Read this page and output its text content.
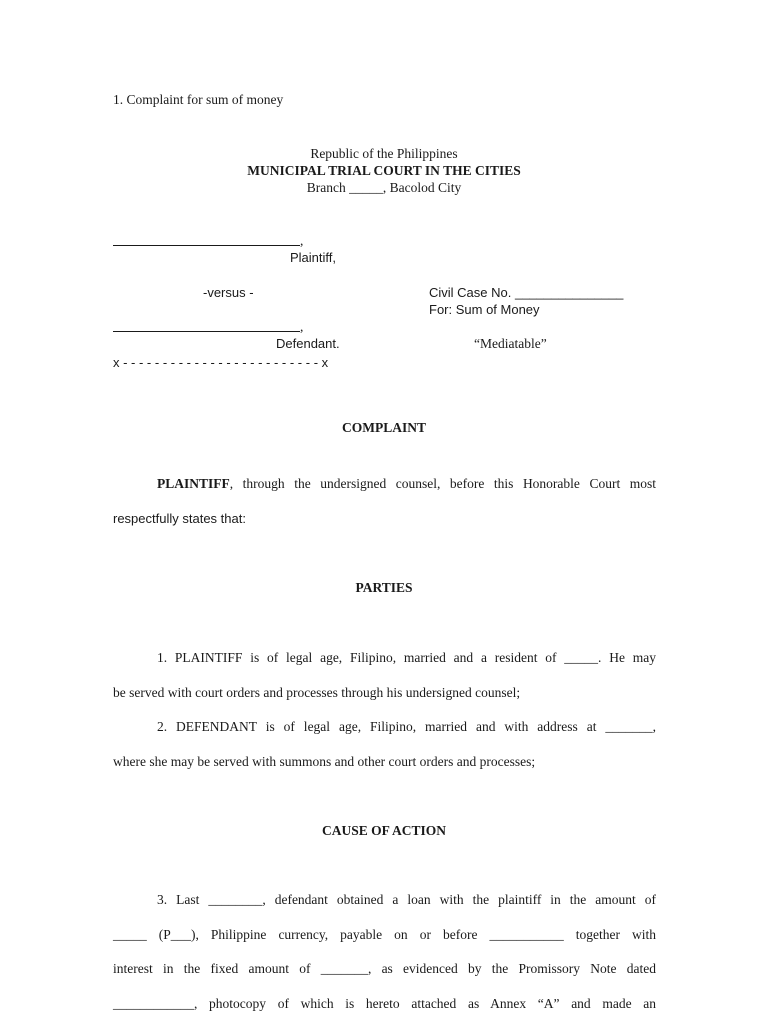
1. Complaint for sum of money
Republic of the Philippines
MUNICIPAL TRIAL COURT IN THE CITIES
Branch _____, Bacolod City
,
Plaintiff,
-versus -	Civil Case No. _______________
For: Sum of Money
,
Defendant.	“Mediatable”
x - - - - - - - - - - - - - - - - - - - - - - - - - x
COMPLAINT
PLAINTIFF, through the undersigned counsel, before this Honorable Court most
respectfully states that:
PARTIES
1. PLAINTIFF is of legal age, Filipino, married and a resident of _____. He may
be served with court orders and processes through his undersigned counsel;
2. DEFENDANT is of legal age, Filipino, married and with address at _______,
where she may be served with summons and other court orders and processes;
CAUSE OF ACTION
3. Last ________, defendant obtained a loan with the plaintiff in the amount of
_____ (P___), Philippine currency, payable on or before ___________ together with
interest in the fixed amount of _______, as evidenced by the Promissory Note dated
____________, photocopy of which is hereto attached as Annex “A” and made an
